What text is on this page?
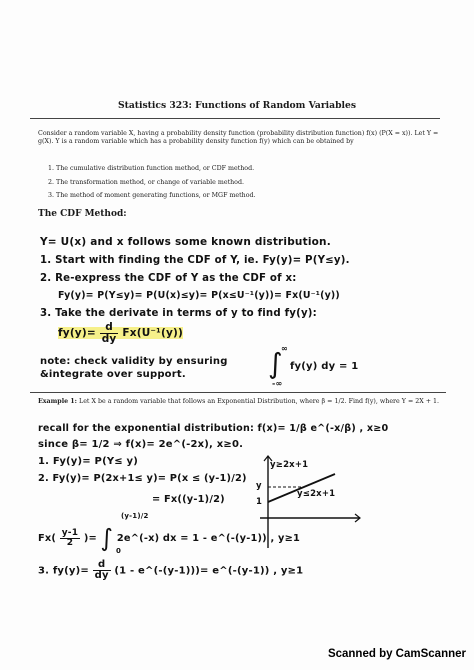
Statistics 323: Functions of Random Variables
Consider a random variable X, having a probability density function (probability distribution function) f(x) (P(X = x)). Let Y = g(X). Y is a random variable which has a probability density function f(y) which can be obtained by
1. The cumulative distribution function method, or CDF method.
2. The transformation method, or change of variable method.
3. The method of moment generating functions, or MGF method.
The CDF Method:
Y= U(x) and x follows some known distribution.
1. Start with finding the CDF of Y, ie. Fy(y)= P(Y≤y).
2. Re-express the CDF of Y as the CDF of x:
Fy(y)= P(Y≤y)= P(U(x)≤y)= P(x≤U⁻¹(y))= Fx(U⁻¹(y))
3. Take the derivate in terms of y to find fy(y):
$fy(y)= \frac{d}{dy} Fx(U^{-1}(y))$
note: check validity by ensuring
&integrate over support.	∫
∞
-∞
fy(y) dy = 1
Example 1: Let X be a random variable that follows an Exponential Distribution, where β = 1/2. Find f(y), where Y = 2X + 1.
recall for the exponential distribution: f(x)= 1/β e^(-x/β) , x≥0
since β= 1/2 ⇒ f(x)= 2e^(-2x), x≥0.
1. Fy(y)= P(Y≤ y)
2. Fy(y)= P(2x+1≤ y)= P(x ≤ (y-1)/2)
= Fx((y-1)/2)
$Fx( \frac{y-1}{2}$ )= ∫ 2e^(-x) dx = 1 - e^(-(y-1)) , y≥1
(y-1)/2
0
3. $fy(y)= \frac{d}{dy} (1$ - e^(-(y-1)))= e^(-(y-1)) , y≥1
y≥2x+1
y≤2x+1
y
1
Scanned by CamScanner
